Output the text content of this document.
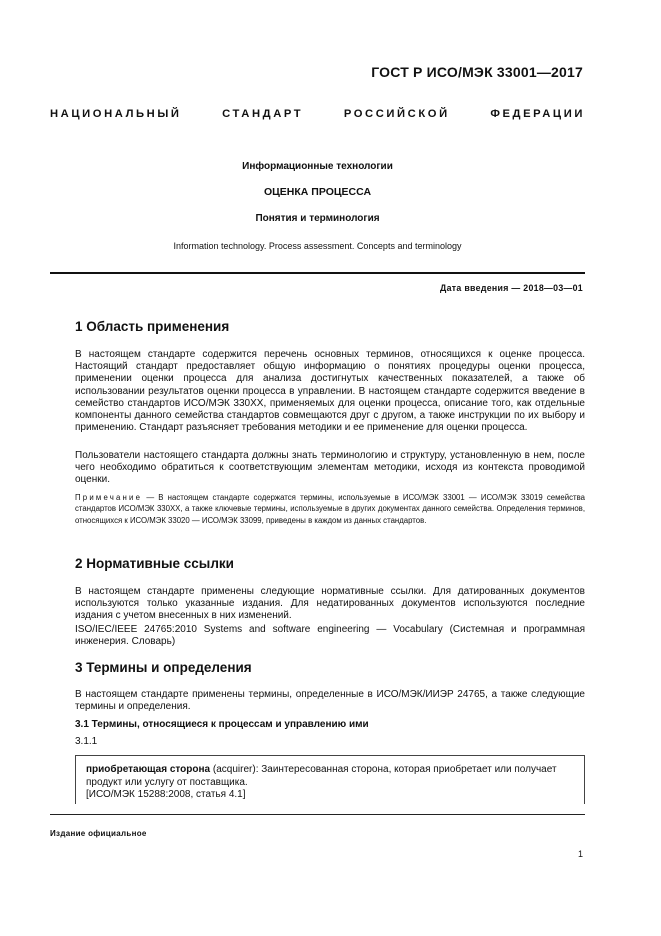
ГОСТ Р ИСО/МЭК 33001—2017
НАЦИОНАЛЬНЫЙ СТАНДАРТ РОССИЙСКОЙ ФЕДЕРАЦИИ
Информационные технологии
ОЦЕНКА ПРОЦЕССА
Понятия и терминология
Information technology. Process assessment. Concepts and terminology
Дата введения — 2018—03—01
1 Область применения

В настоящем стандарте содержится перечень основных терминов, относящихся к оценке процесса. Настоящий стандарт предоставляет общую информацию о понятиях процедуры оценки процесса, применении оценки процесса для анализа достигнутых качественных показателей, а также об использовании результатов оценки процесса в управлении. В настоящем стандарте содержится введение в семейство стандартов ИСО/МЭК 330XX, применяемых для оценки процесса, описание того, как отдельные компоненты данного семейства стандартов совмещаются друг с другом, а также инструкции по их выбору и применению. Стандарт разъясняет требования методики и ее применение для оценки процесса.

Пользователи настоящего стандарта должны знать терминологию и структуру, установленную в нем, после чего необходимо обратиться к соответствующим элементам методики, исходя из контекста проводимой оценки.

Примечание — В настоящем стандарте содержатся термины, используемые в ИСО/МЭК 33001 — ИСО/МЭК 33019 семейства стандартов ИСО/МЭК 330XX, а также ключевые термины, используемые в других документах данного семейства. Определения терминов, относящихся к ИСО/МЭК 33020 — ИСО/МЭК 33099, приведены в каждом из данных стандартов.
2 Нормативные ссылки

В настоящем стандарте применены следующие нормативные ссылки. Для датированных документов используются только указанные издания. Для недатированных документов используются последние издания с учетом внесенных в них изменений.

ISO/IEC/IEEE 24765:2010 Systems and software engineering — Vocabulary (Системная и программная инженерия. Словарь)

3 Термины и определения

В настоящем стандарте применены термины, определенные в ИСО/МЭК/ИИЭР 24765, а также следующие термины и определения.

3.1 Термины, относящиеся к процессам и управлению ими
3.1.1

приобретающая сторона (acquirer): Заинтересованная сторона, которая приобретает или получает продукт или услугу от поставщика.

[ИСО/МЭК 15288:2008, статья 4.1]

Издание официальное
1
